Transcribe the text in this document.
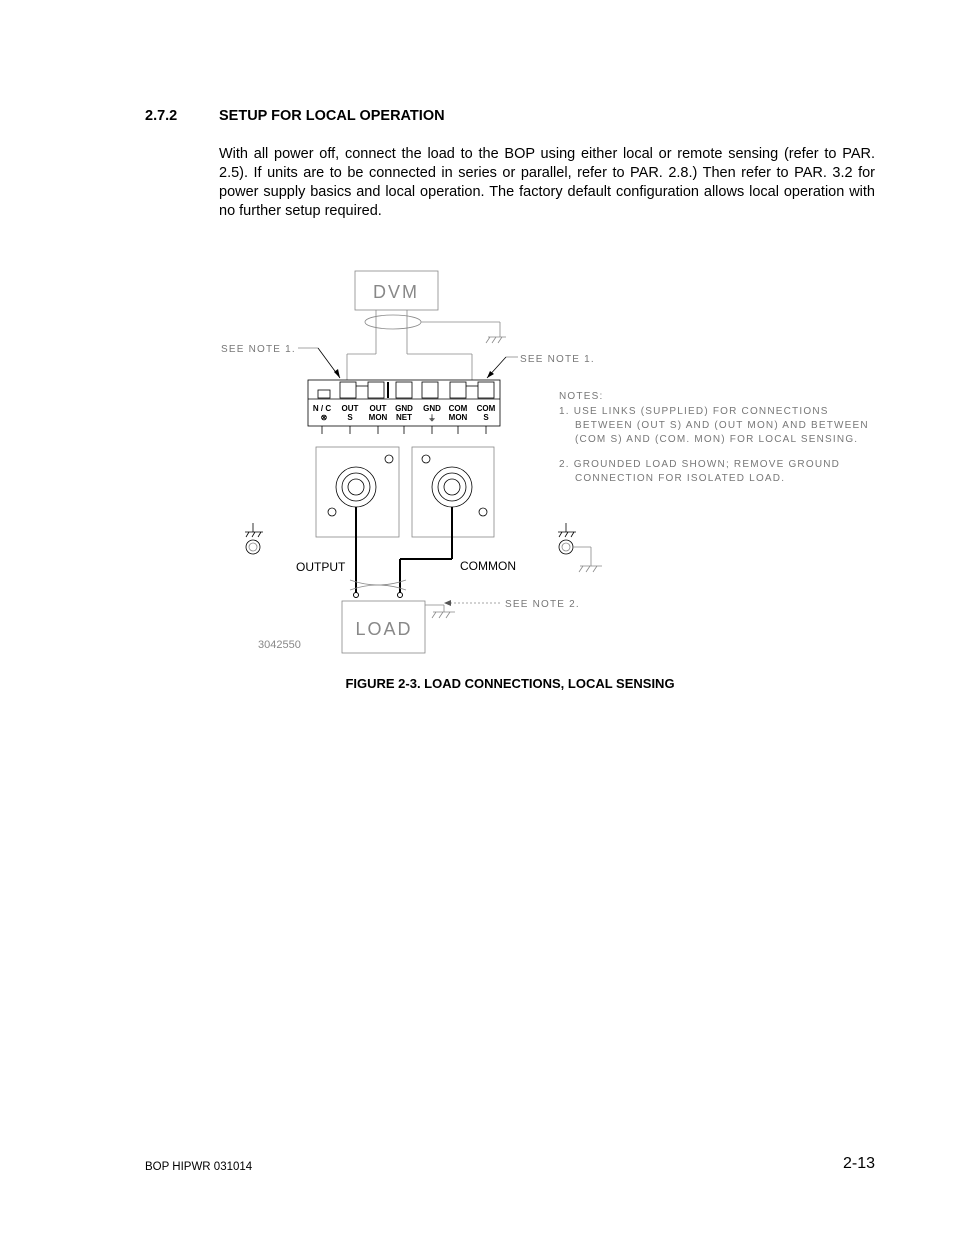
2.7.2	SETUP FOR LOCAL OPERATION

With all power off, connect the load to the BOP using either local or remote sensing (refer to PAR. 2.5). If units are to be connected in series or parallel, refer to PAR. 2.8.) Then refer to PAR. 3.2 for power supply basics and local operation. The factory default configuration allows local operation with no further setup required.

DVM
SEE NOTE 1.
SEE NOTE 1.
N / C
⊗
OUT
S
OUT
MON
GND
NET
GND
⏚
COM
MON
COM
S
NOTES:
1. USE LINKS (SUPPLIED) FOR CONNECTIONS
BETWEEN (OUT S) AND (OUT MON) AND BETWEEN
(COM S) AND (COM. MON) FOR LOCAL SENSING.
2. GROUNDED LOAD SHOWN; REMOVE GROUND
CONNECTION FOR ISOLATED LOAD.
OUTPUT	COMMON
LOAD
SEE NOTE 2.
3042550
FIGURE 2-3. LOAD CONNECTIONS, LOCAL SENSING
BOP HIPWR 031014	2-13
